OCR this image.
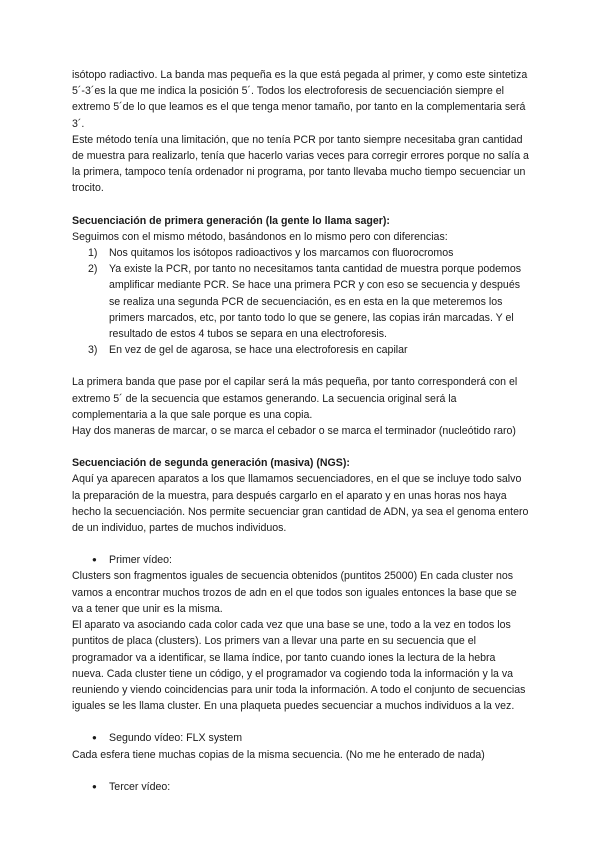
isótopo radiactivo. La banda mas pequeña es la que está pegada al primer, y como este sintetiza 5´-3´es la que me indica la posición 5´. Todos los electroforesis de secuenciación siempre el extremo 5´de lo que leamos es el que tenga menor tamaño, por tanto en la complementaria será 3´.

Este método tenía una limitación, que no tenía PCR por tanto siempre necesitaba gran cantidad de muestra para realizarlo, tenía que hacerlo varias veces para corregir errores porque no salía a la primera, tampoco tenía ordenador ni programa, por tanto llevaba mucho tiempo secuenciar un trocito.

Secuenciación de primera generación (la gente lo llama sager):

Seguimos con el mismo método, basándonos en lo mismo pero con diferencias:

1) Nos quitamos los isótopos radioactivos y los marcamos con fluorocromos
2) Ya existe la PCR, por tanto no necesitamos tanta cantidad de muestra porque podemos amplificar mediante PCR. Se hace una primera PCR y con eso se secuencia y después se realiza una segunda PCR de secuenciación, es en esta en la que meteremos los primers marcados, etc, por tanto todo lo que se genere, las copias irán marcadas. Y el resultado de estos 4 tubos se separa en una electroforesis.
3) En vez de gel de agarosa, se hace una electroforesis en capilar

La primera banda que pase por el capilar será la más pequeña, por tanto corresponderá con el extremo 5´ de la secuencia que estamos generando. La secuencia original será la complementaria a la que sale porque es una copia.

Hay dos maneras de marcar, o se marca el cebador o se marca el terminador (nucleótido raro)

Secuenciación de segunda generación (masiva) (NGS):

Aquí ya aparecen aparatos a los que llamamos secuenciadores, en el que se incluye todo salvo la preparación de la muestra, para después cargarlo en el aparato y en unas horas nos haya hecho la secuenciación. Nos permite secuenciar gran cantidad de ADN, ya sea el genoma entero de un individuo, partes de muchos individuos.

● Primer vídeo:

Clusters son fragmentos iguales de secuencia obtenidos (puntitos 25000) En cada cluster nos vamos a encontrar muchos trozos de adn en el que todos son iguales entonces la base que se va a tener que unir es la misma.

El aparato va asociando cada color cada vez que una base se une, todo a la vez en todos los puntitos de placa (clusters). Los primers van a llevar una parte en su secuencia que el programador va a identificar, se llama índice, por tanto cuando iones la lectura de la hebra nueva. Cada cluster tiene un código, y el programador va cogiendo toda la información y la va reuniendo y viendo coincidencias para unir toda la información. A todo el conjunto de secuencias iguales se les llama cluster. En una plaqueta puedes secuenciar a muchos individuos a la vez.

● Segundo vídeo: FLX system

Cada esfera tiene muchas copias de la misma secuencia. (No me he enterado de nada)

● Tercer vídeo:
